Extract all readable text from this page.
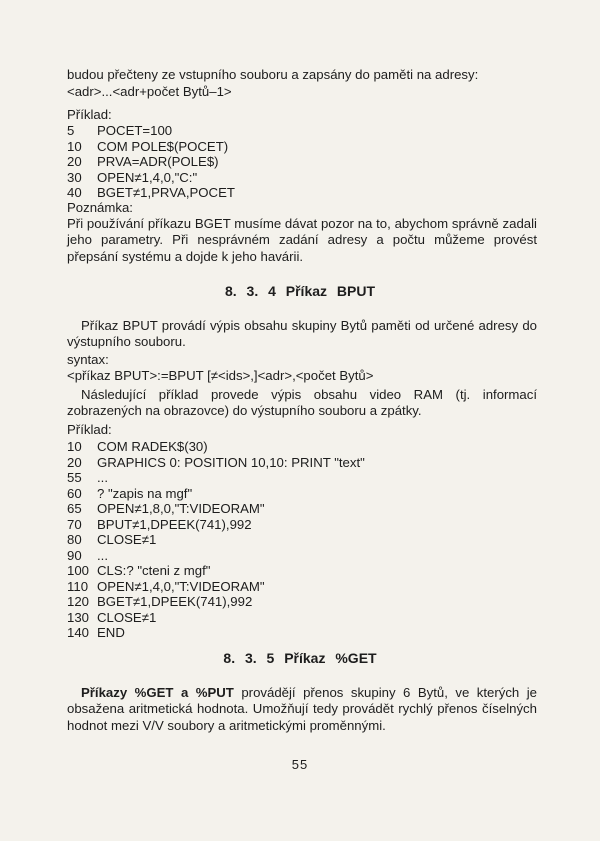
budou přečteny ze vstupního souboru a zapsány do paměti na adresy:

<adr>...<adr+počet Bytů–1>

Příklad:

5 POCET=100
10 COM POLE$(POCET)
20 PRVA=ADR(POLE$)
30 OPEN≠1,4,0,"C:"
40 BGET≠1,PRVA,POCET

Poznámka:

Při používání příkazu BGET musíme dávat pozor na to, abychom správně zadali jeho parametry. Při nesprávném zadání adresy a počtu můžeme provést přepsání systému a dojde k jeho havárii.

8. 3. 4 Příkaz BPUT

Příkaz BPUT provádí výpis obsahu skupiny Bytů paměti od určené adresy do výstupního souboru.

syntax:

<příkaz BPUT>:=BPUT [≠<ids>,]<adr>,<počet Bytů>

Následující příklad provede výpis obsahu video RAM (tj. informací zobrazených na obrazovce) do výstupního souboru a zpátky.

Příklad:

10 COM RADEK$(30)
20 GRAPHICS 0: POSITION 10,10: PRINT "text"
55 ...
60 ? "zapis na mgf"
65 OPEN≠1,8,0,"T:VIDEORAM"
70 BPUT≠1,DPEEK(741),992
80 CLOSE≠1
90 ...
100 CLS:? "cteni z mgf"
110 OPEN≠1,4,0,"T:VIDEORAM"
120 BGET≠1,DPEEK(741),992
130 CLOSE≠1
140 END
8. 3. 5 Příkaz %GET

Příkazy %GET a %PUT provádějí přenos skupiny 6 Bytů, ve kterých je obsažena aritmetická hodnota. Umožňují tedy provádět rychlý přenos číselných hodnot mezi V/V soubory a aritmetickými proměnnými.

55
